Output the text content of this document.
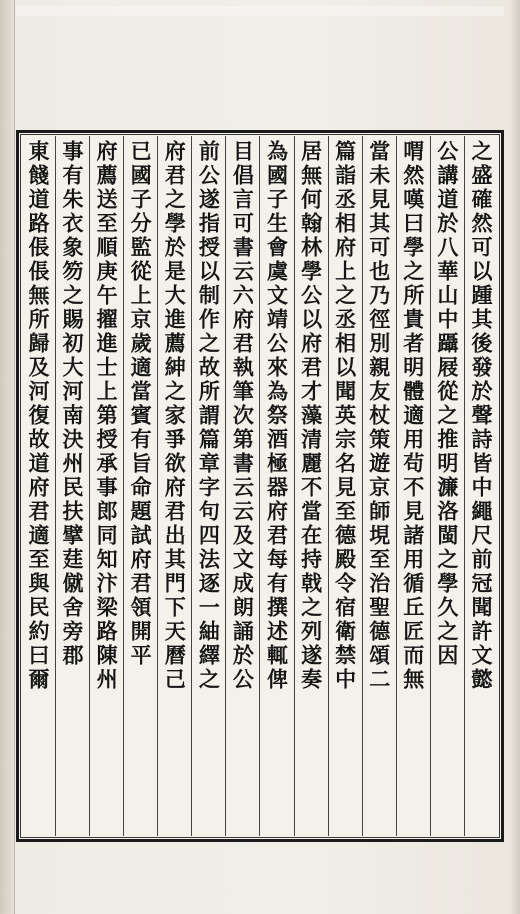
之盛確然可以踵其後發於聲詩皆中繩尺前冠聞許文懿
公講道於八華山中躡屐從之推明濂洛閩之學久之因
喟然嘆曰學之所貴者明體適用茍不見諸用循丘匠而無
當未見其可也乃徑別親友杖策遊京師垷至治聖德頌二
篇詣丞相府上之丞相以聞英宗名見至德殿令宿衛禁中
居無何翰林學公以府君才藻清麗不當在持戟之列遂奏
為國子生會虞文靖公來為祭酒極器府君每有撰述輒俾
目倡言可書云六府君執筆次第書云云及文成朗誦於公
前公遂指授以制作之故所謂篇章字句四法逐一紬繹之
府君之學於是大進薦紳之家爭欲府君出其門下天曆己
已國子分監從上京歲適當賓有旨命題試府君領開平
府薦送至順庚午擢進士上第授承事郎同知汴梁路陳州
事有朱衣象笏之賜初大河南決州民扶擘莛僦舍旁郡
東餞道路倀倀無所歸及河復故道府君適至與民約曰爾
